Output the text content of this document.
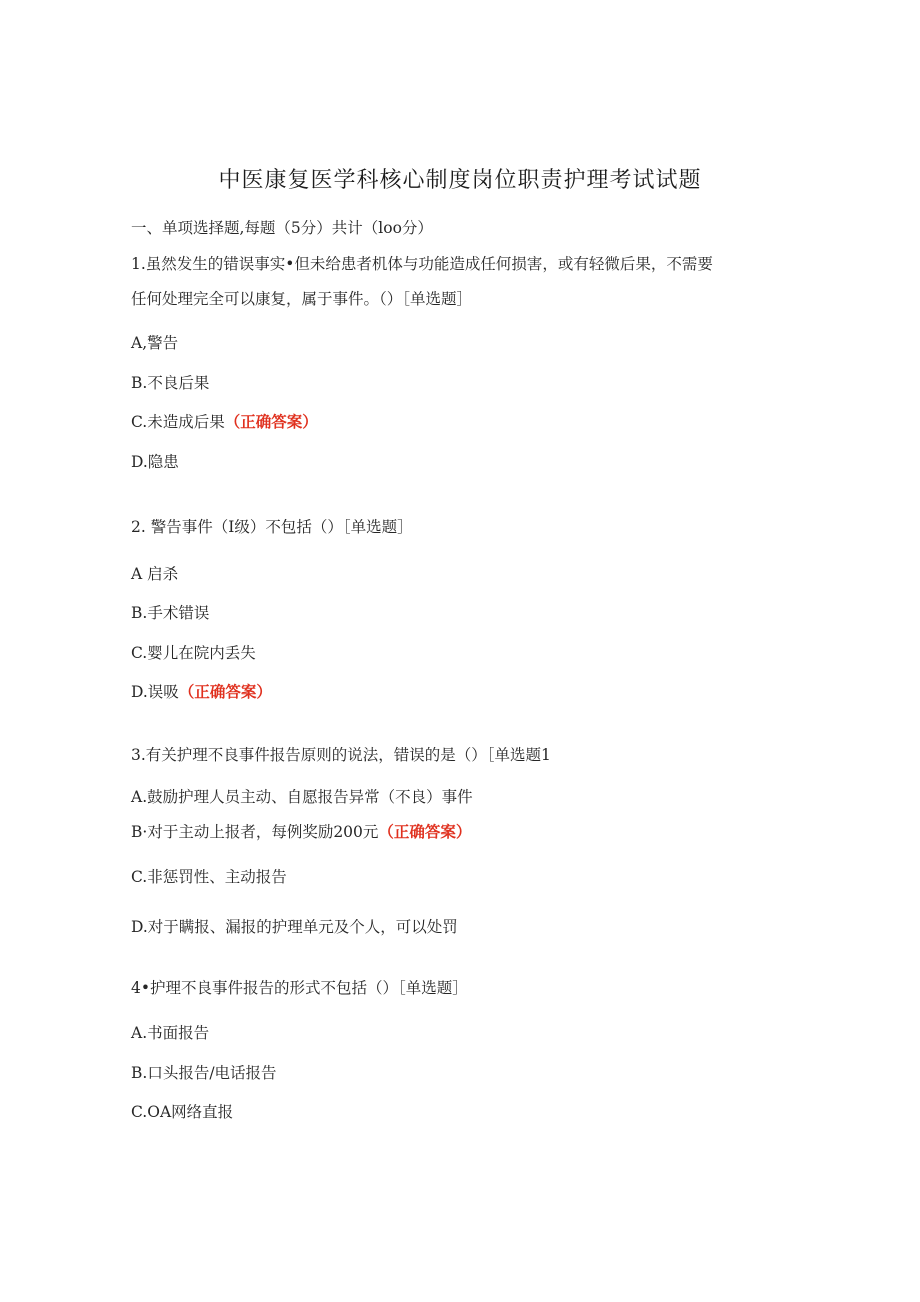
中医康复医学科核心制度岗位职责护理考试试题
一、单项选择题,每题（5分）共计（loo分）
1.虽然发生的错误事实•但未给患者机体与功能造成任何损害，或有轻微后果，不需要
任何处理完全可以康复，属于事件。（）［单选题］
A,警告
B.不良后果
C.未造成后果（正确答案）
D.隐患
2. 警告事件（I级）不包括（）［单选题］
A 启杀
B.手术错误
C.婴儿在院内丢失
D.误吸（正确答案）
3.有关护理不良事件报告原则的说法，错误的是（）［单选题1
A.鼓励护理人员主动、自愿报告异常（不良）事件
B·对于主动上报者，每例奖励200元（正确答案）
C.非惩罚性、主动报告
D.对于瞒报、漏报的护理单元及个人，可以处罚
4•护理不良事件报告的形式不包括（）［单选题］
A.书面报告
B.口头报告/电话报告
C.OA网络直报
